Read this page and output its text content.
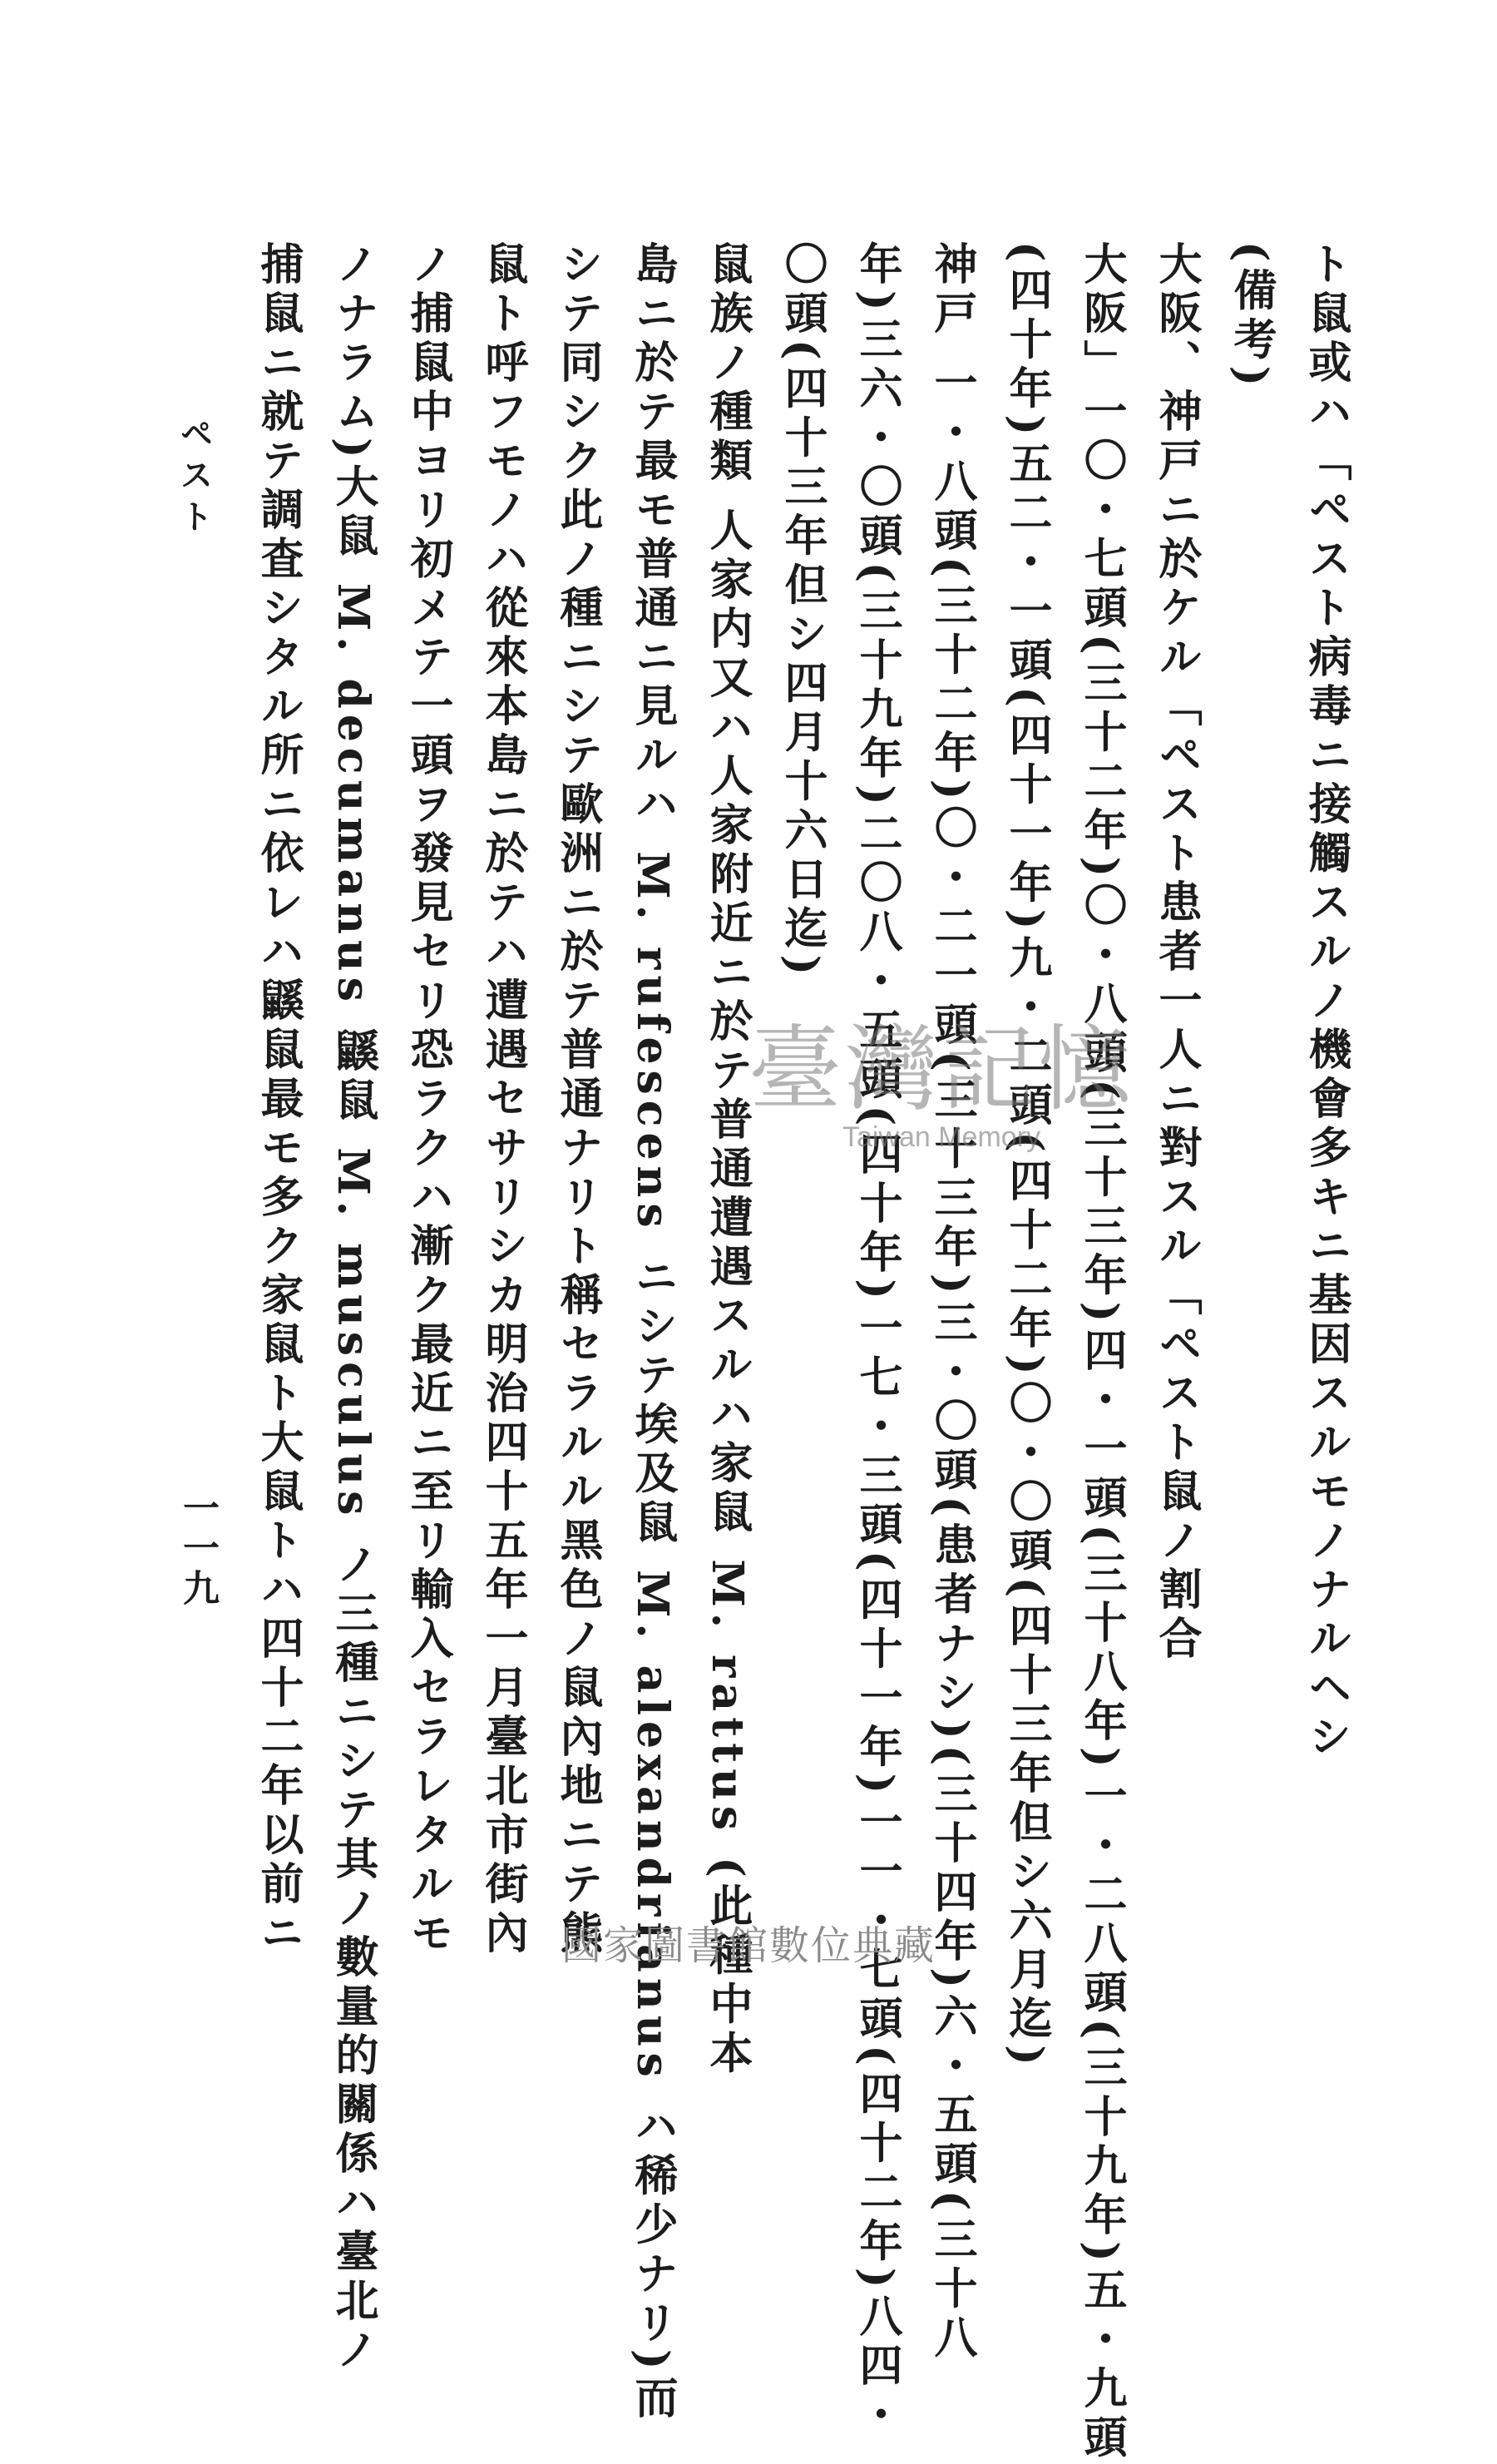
ト鼠或ハ「ペスト病毒ニ接觸スルノ機會多キニ基因スルモノナルヘシ
(備考)
大阪、神戸ニ於ケル「ペスト患者一人ニ對スル「ペスト鼠ノ割合
大阪」一〇・七頭(三十二年)〇・八頭(三十三年)四・一頭(三十八年)一・二八頭(三十九年)五・九頭
(四十年)五二・一頭(四十一年)九・二頭(四十二年)〇・〇頭(四十三年但シ六月迄)
神戸 一・八頭(三十二年)〇・二一頭(三十三年)三・〇頭(患者ナシ)(三十四年)六・五頭(三十八
年)三六・〇頭(三十九年)二〇八・五頭(四十年)一七・三頭(四十一年)一一・七頭(四十二年)八四・
〇頭(四十三年但シ四月十六日迄)
鼠族ノ種類 人家内又ハ人家附近ニ於テ普通遭遇スルハ家鼠 M. rattus (此種中本
島ニ於テ最モ普通ニ見ルハ M. rufescens ニシテ埃及鼠 M. alexandrianus ハ稀少ナリ)而
シテ同シク此ノ種ニシテ歐洲ニ於テ普通ナリト稱セラルル黑色ノ鼠內地ニテ熊
鼠ト呼フモノハ從來本島ニ於テハ遭遇セサリシカ明治四十五年一月臺北市街內
ノ捕鼠中ヨリ初メテ一頭ヲ發見セリ恐ラクハ漸ク最近ニ至リ輸入セラレタルモ
ノナラム)大鼠 M. decumanus 鼷鼠 M. musculus ノ三種ニシテ其ノ數量的關係ハ臺北ノ
捕鼠ニ就テ調査シタル所ニ依レハ鼷鼠最モ多ク家鼠ト大鼠トハ四十二年以前ニ
ペスト
一一九
臺灣記憶
Taiwan Memory
國家圖書館數位典藏
